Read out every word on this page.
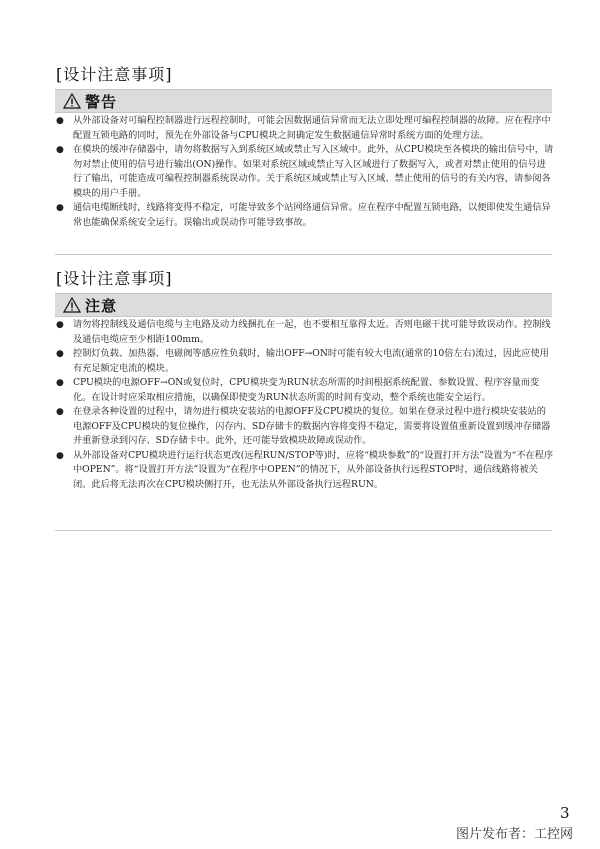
[设计注意事项]
警告
● 从外部设备对可编程控制器进行远程控制时，可能会因数据通信异常而无法立即处理可编程控制器的故障。应在程序中配置互锁电路的同时，预先在外部设备与CPU模块之间确定发生数据通信异常时系统方面的处理方法。
● 在模块的缓冲存储器中，请勿将数据写入到系统区域或禁止写入区域中。此外，从CPU模块至各模块的输出信号中，请勿对禁止使用的信号进行输出(ON)操作。如果对系统区域或禁止写入区域进行了数据写入，或者对禁止使用的信号进行了输出，可能造成可编程控制器系统误动作。关于系统区域或禁止写入区域、禁止使用的信号的有关内容，请参阅各模块的用户手册。
● 通信电缆断线时，线路将变得不稳定，可能导致多个站网络通信异常。应在程序中配置互锁电路，以便即使发生通信异常也能确保系统安全运行。误输出或误动作可能导致事故。
[设计注意事项]
注意
● 请勿将控制线及通信电缆与主电路及动力线捆扎在一起，也不要相互靠得太近。否则电磁干扰可能导致误动作。控制线及通信电缆应至少相距100mm。
● 控制灯负载、加热器、电磁阀等感应性负载时，输出OFF→ON时可能有较大电流(通常的10倍左右)流过，因此应使用有充足额定电流的模块。
● CPU模块的电源OFF→ON或复位时，CPU模块变为RUN状态所需的时间根据系统配置、参数设置、程序容量而变化。在设计时应采取相应措施，以确保即使变为RUN状态所需的时间有变动，整个系统也能安全运行。
● 在登录各种设置的过程中，请勿进行模块安装站的电源OFF及CPU模块的复位。如果在登录过程中进行模块安装站的电源OFF及CPU模块的复位操作，闪存内、SD存储卡的数据内容将变得不稳定，需要将设置值重新设置到缓冲存储器并重新登录到闪存、SD存储卡中。此外，还可能导致模块故障或误动作。
● 从外部设备对CPU模块进行运行状态更改(远程RUN/STOP等)时，应将“模块参数”的“设置打开方法”设置为“不在程序中OPEN”。将“设置打开方法”设置为“在程序中OPEN”的情况下，从外部设备执行远程STOP时，通信线路将被关闭。此后将无法再次在CPU模块侧打开，也无法从外部设备执行远程RUN。
3
图片发布者：工控网
